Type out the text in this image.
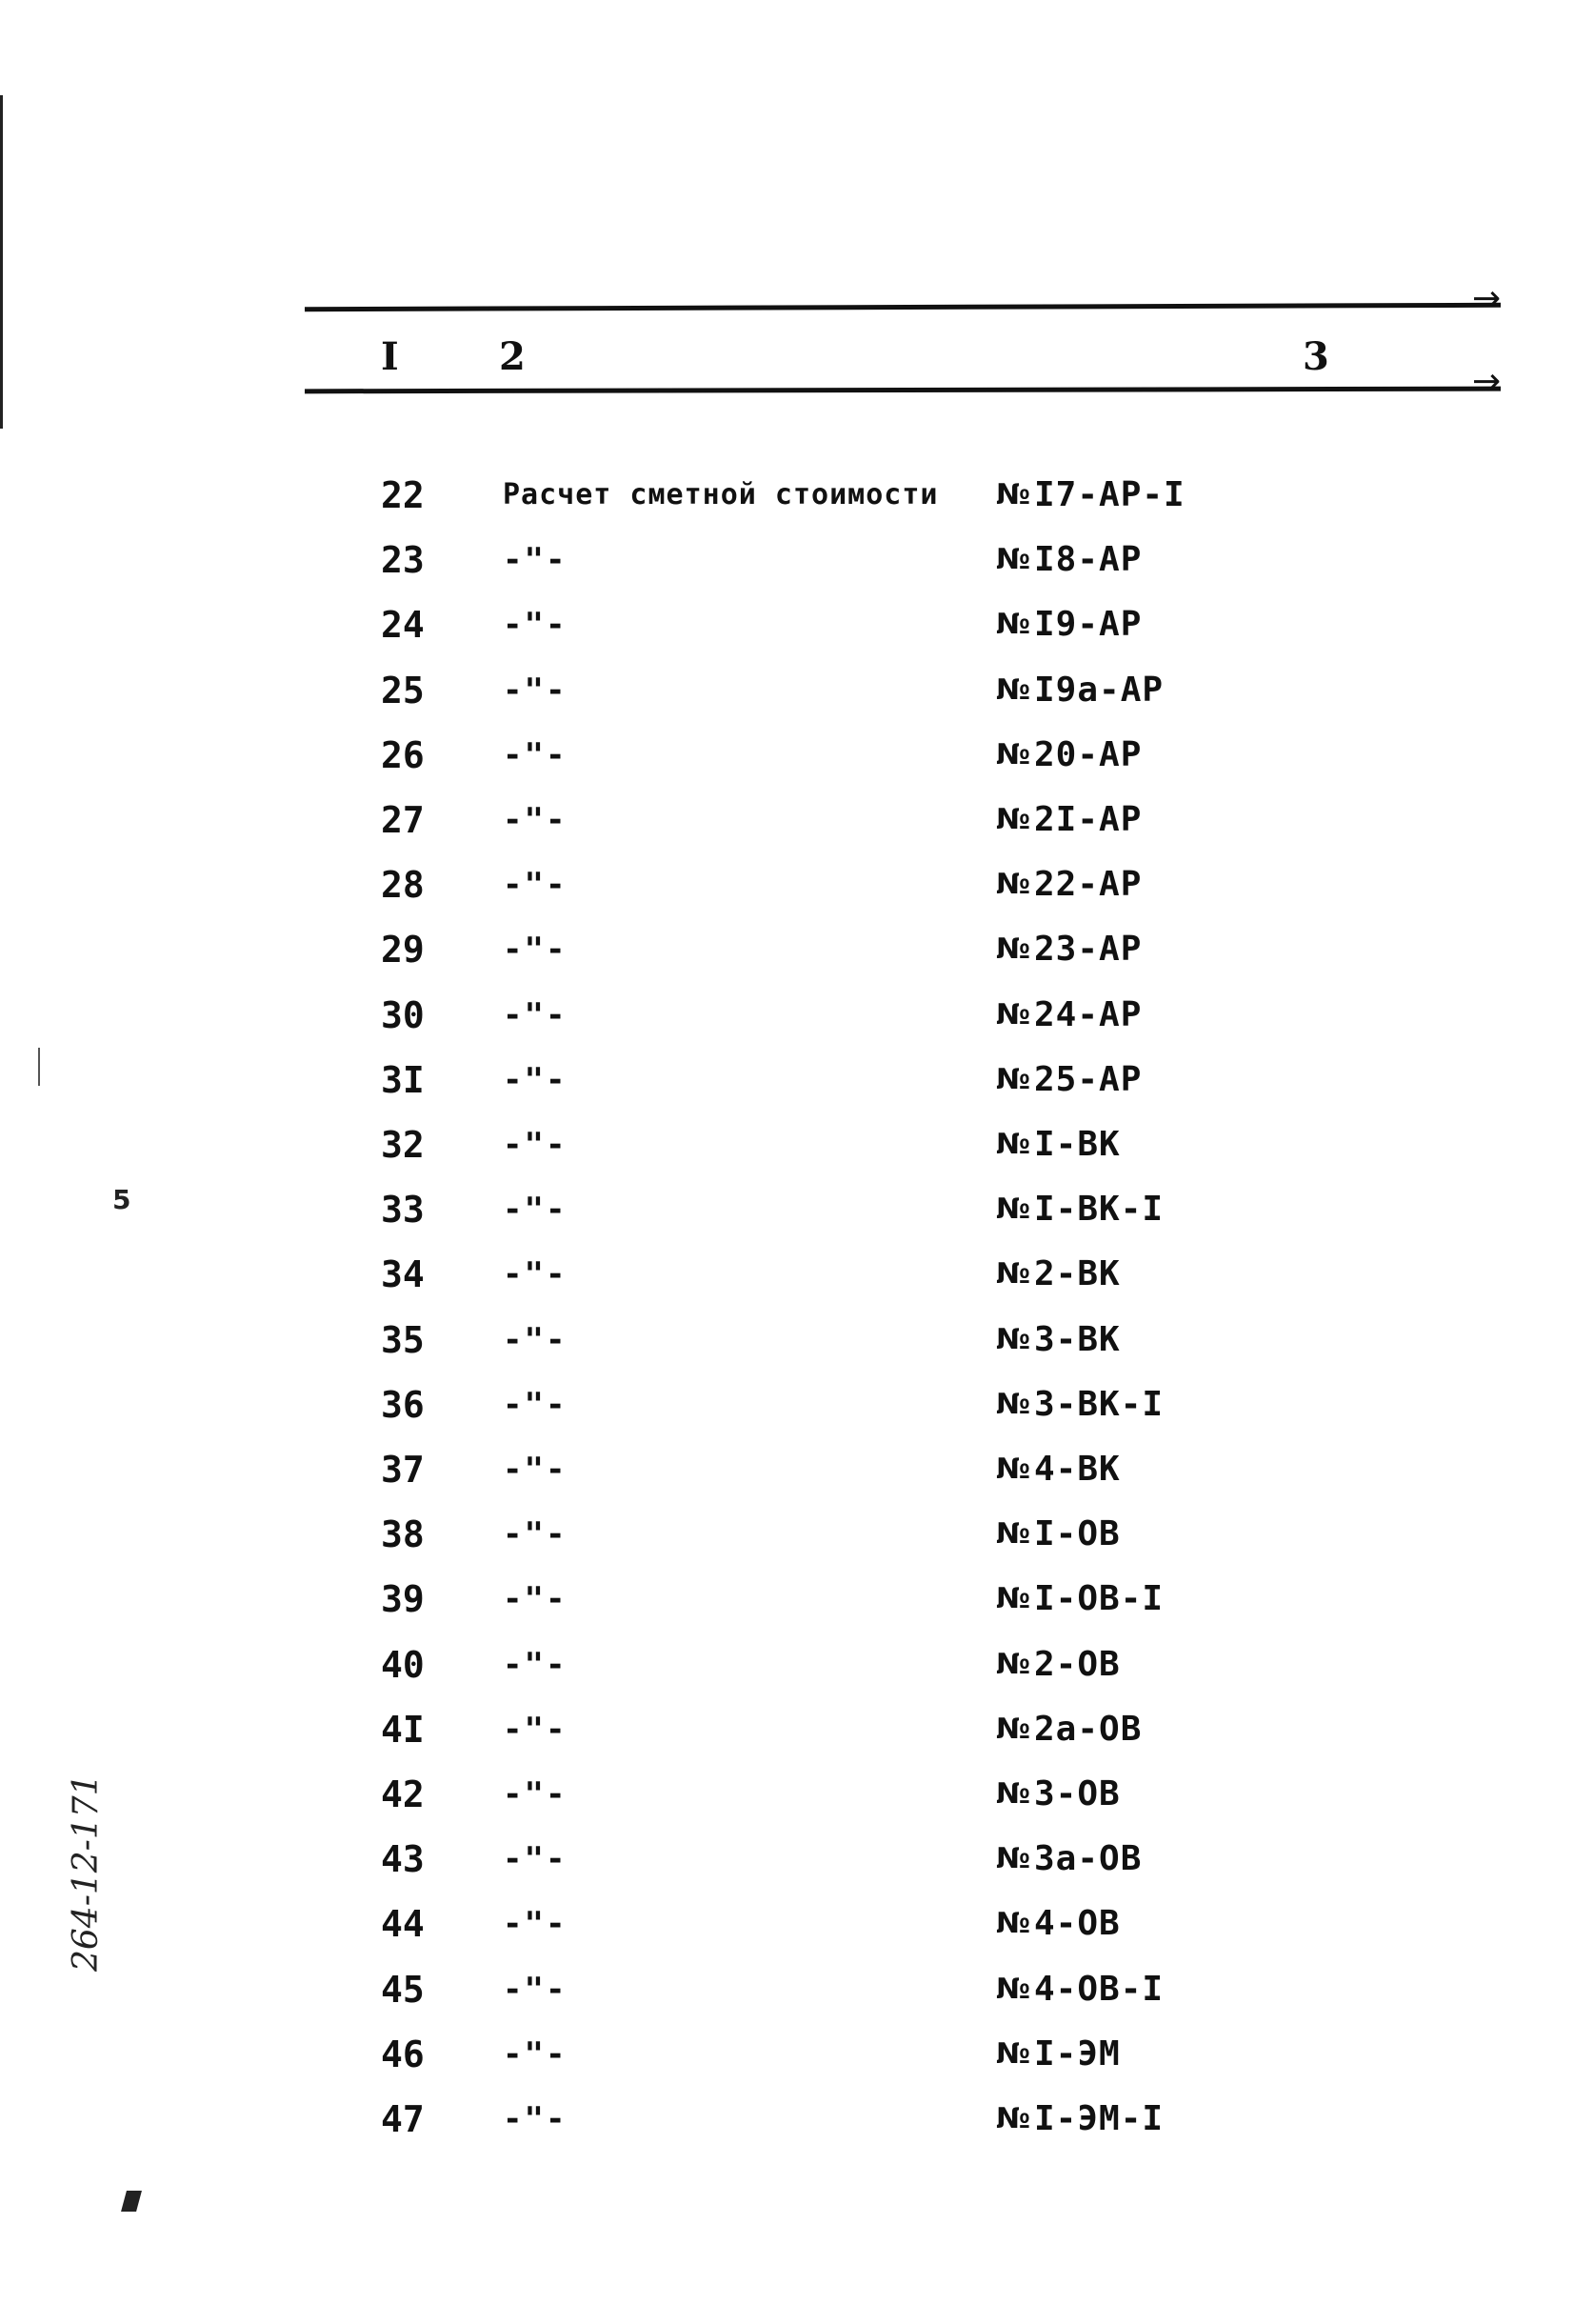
→
→
I	2	3
22	Расчет сметной стоимости № I7-АР-I
23	-"-	№ I8-АР
24	-"-	№ I9-АР
25	-"-	№ I9а-АР
26	-"-	№ 20-АР
27	-"-	№ 2I-АР
28	-"-	№ 22-АР
29	-"-	№ 23-АР
30	-"-	№ 24-АР
3I	-"-	№ 25-АР
32	-"-	№ I-ВК
33	-"-	№ I-ВК-I
34	-"-	№ 2-ВК
35	-"-	№ 3-ВК
36	-"-	№ 3-ВК-I
37	-"-	№ 4-ВК
38	-"-	№ I-ОВ
39	-"-	№ I-ОВ-I
40	-"-	№ 2-ОВ
4I	-"-	№ 2а-ОВ
42	-"-	№ 3-ОВ
43	-"-	№ 3а-ОВ
44	-"-	№ 4-ОВ
45	-"-	№ 4-ОВ-I
46	-"-	№ I-ЭМ
47	-"-	№ I-ЭМ-I
264-12-171
5
